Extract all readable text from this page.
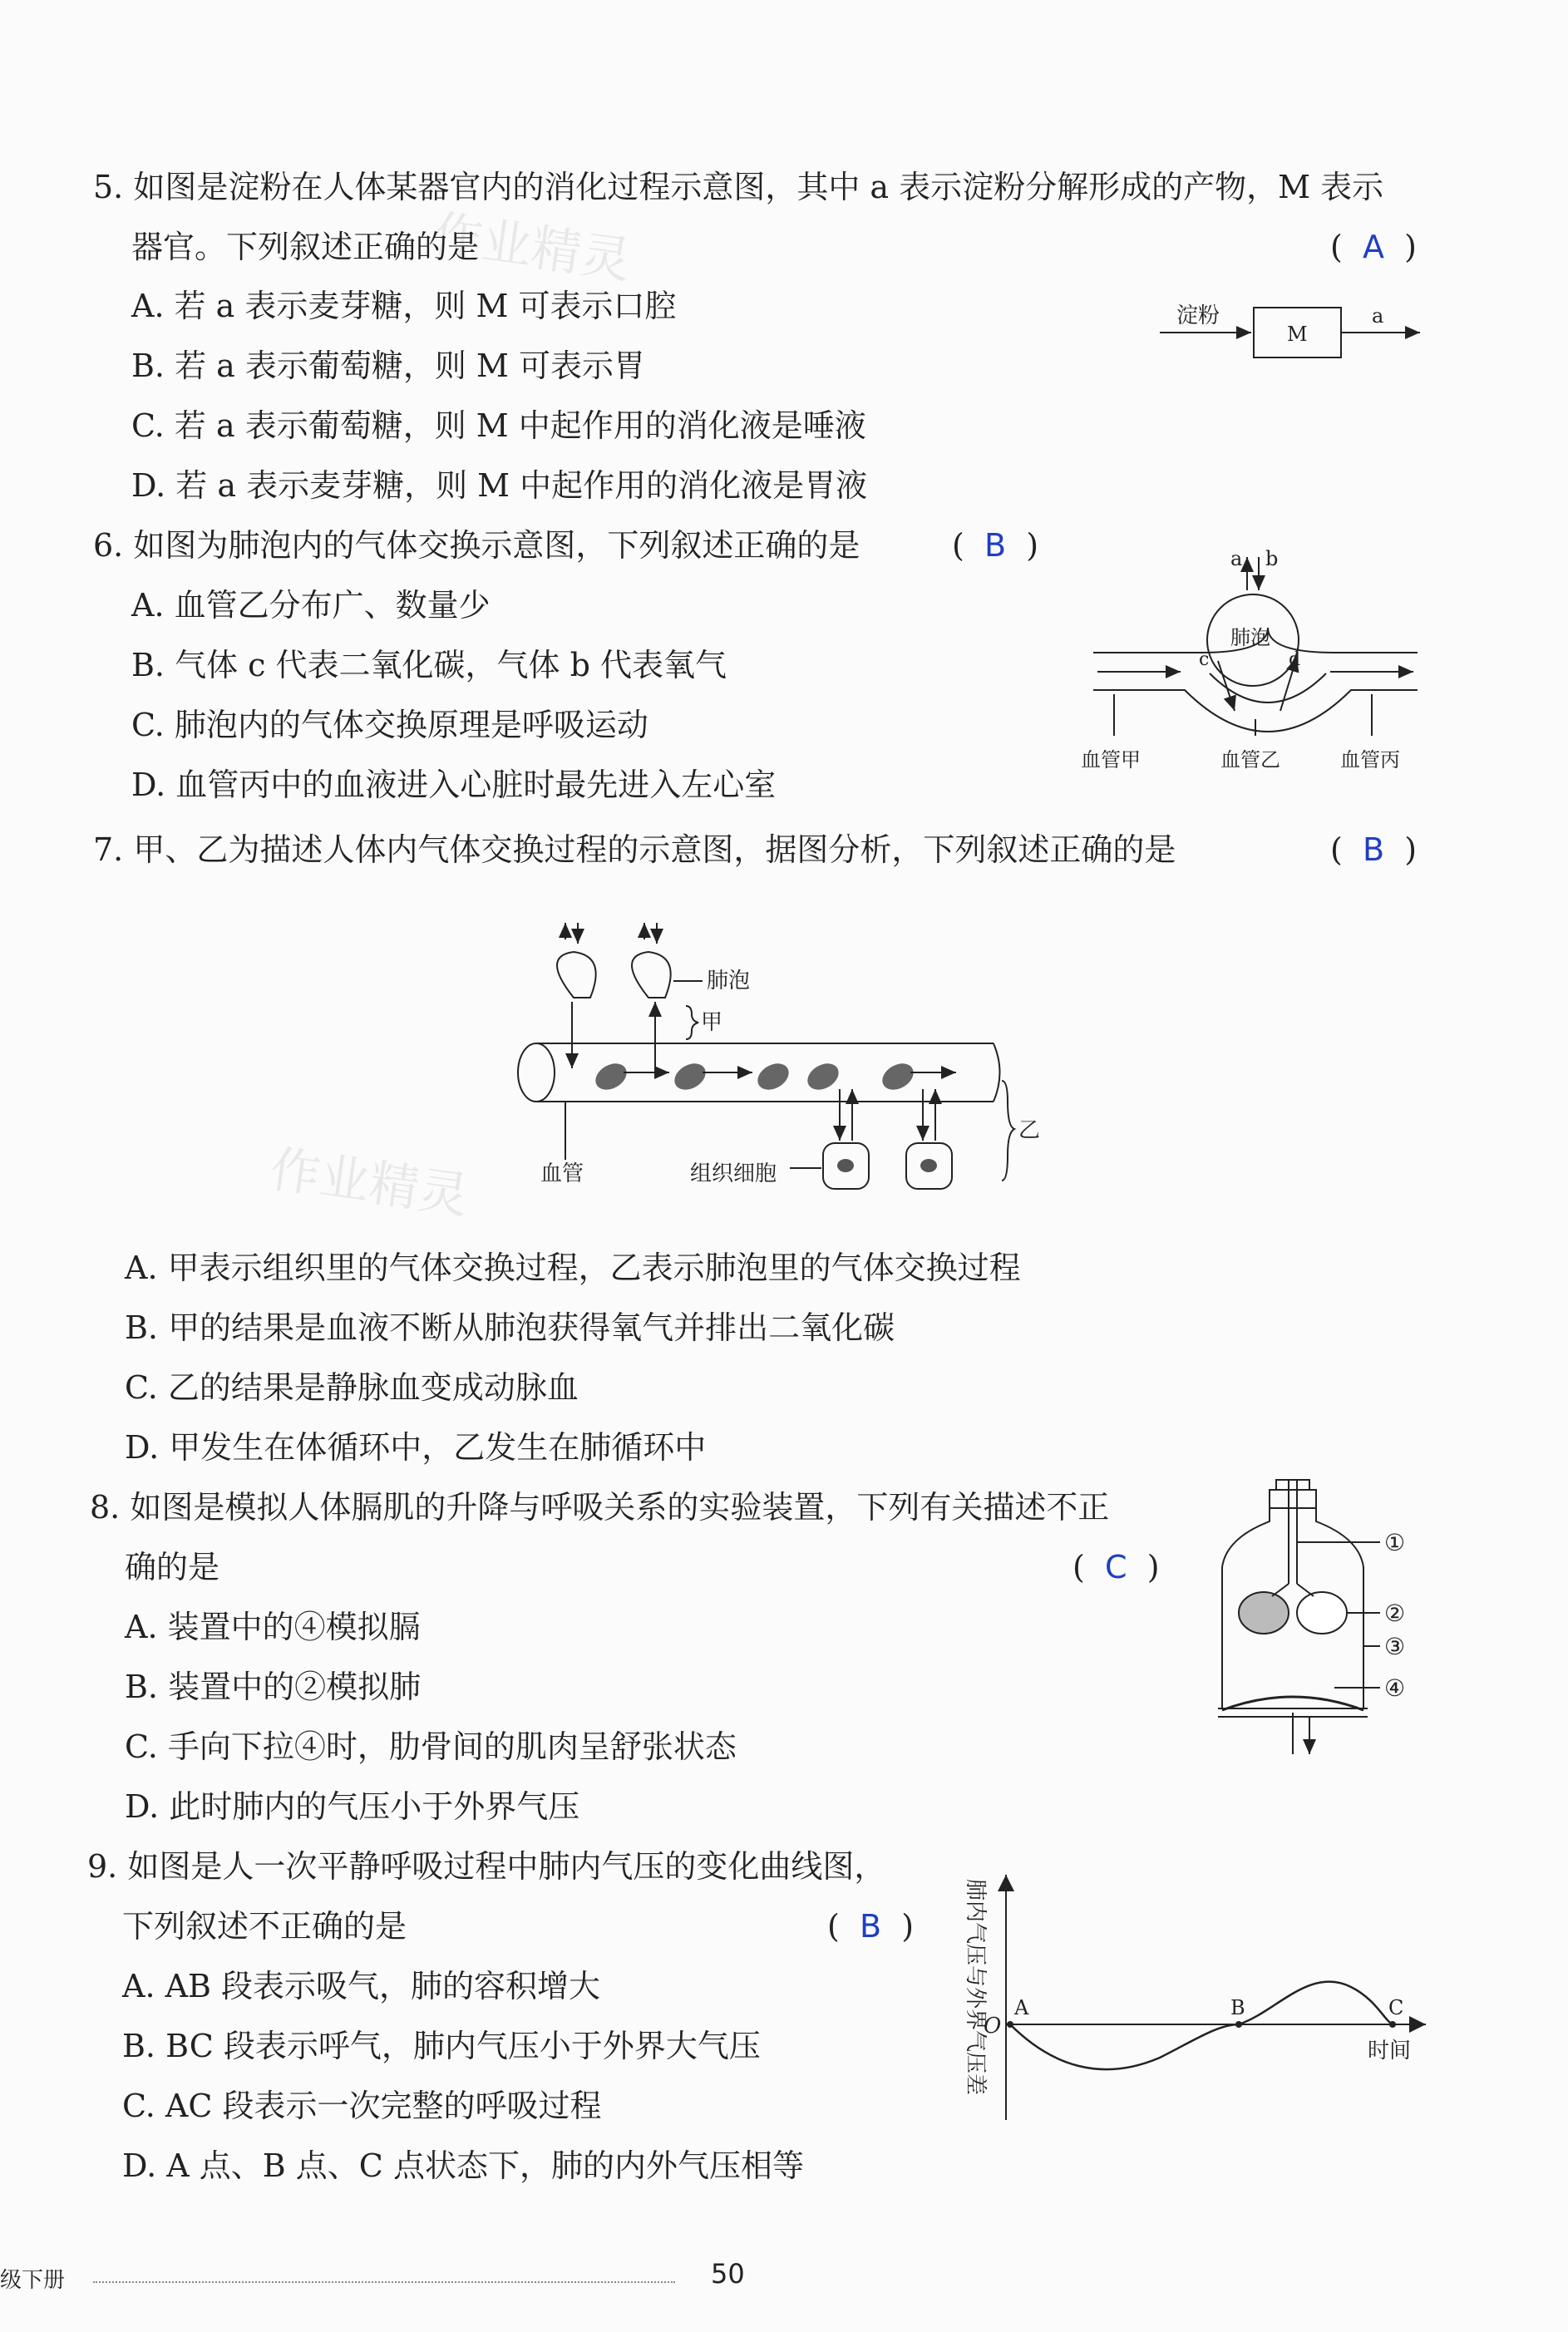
作业精灵
作业精灵
5. 如图是淀粉在人体某器官内的消化过程示意图，其中 a 表示淀粉分解形成的产物，M 表示
器官。下列叙述正确的是	(  A  )
A. 若 a 表示麦芽糖，则 M 可表示口腔
B. 若 a 表示葡萄糖，则 M 可表示胃
C. 若 a 表示葡萄糖，则 M 中起作用的消化液是唾液
D. 若 a 表示麦芽糖，则 M 中起作用的消化液是胃液
淀粉
M
a
6. 如图为肺泡内的气体交换示意图，下列叙述正确的是	(  B  )
A. 血管乙分布广、数量少
B. 气体 c 代表二氧化碳，气体 b 代表氧气
C. 肺泡内的气体交换原理是呼吸运动
D. 血管丙中的血液进入心脏时最先进入左心室
a b
肺泡
c	d
血管甲	血管乙	血管丙
7. 甲、乙为描述人体内气体交换过程的示意图，据图分析，下列叙述正确的是	(  B  )
肺泡
甲
乙
血管	组织细胞
A. 甲表示组织里的气体交换过程，乙表示肺泡里的气体交换过程
B. 甲的结果是血液不断从肺泡获得氧气并排出二氧化碳
C. 乙的结果是静脉血变成动脉血
D. 甲发生在体循环中，乙发生在肺循环中
8. 如图是模拟人体膈肌的升降与呼吸关系的实验装置，下列有关描述不正
确的是	(  C  )
A. 装置中的④模拟膈
B. 装置中的②模拟肺
C. 手向下拉④时，肋骨间的肌肉呈舒张状态
D. 此时肺内的气压小于外界气压
①
②
③
④
9. 如图是人一次平静呼吸过程中肺内气压的变化曲线图，
下列叙述不正确的是	(  B  )
A. AB 段表示吸气，肺的容积增大
B. BC 段表示呼气，肺内气压小于外界大气压
C. AC 段表示一次完整的呼吸过程
D. A 点、B 点、C 点状态下，肺的内外气压相等
肺内气压与外界气压差
O
A	B	C
时间
级下册	50
